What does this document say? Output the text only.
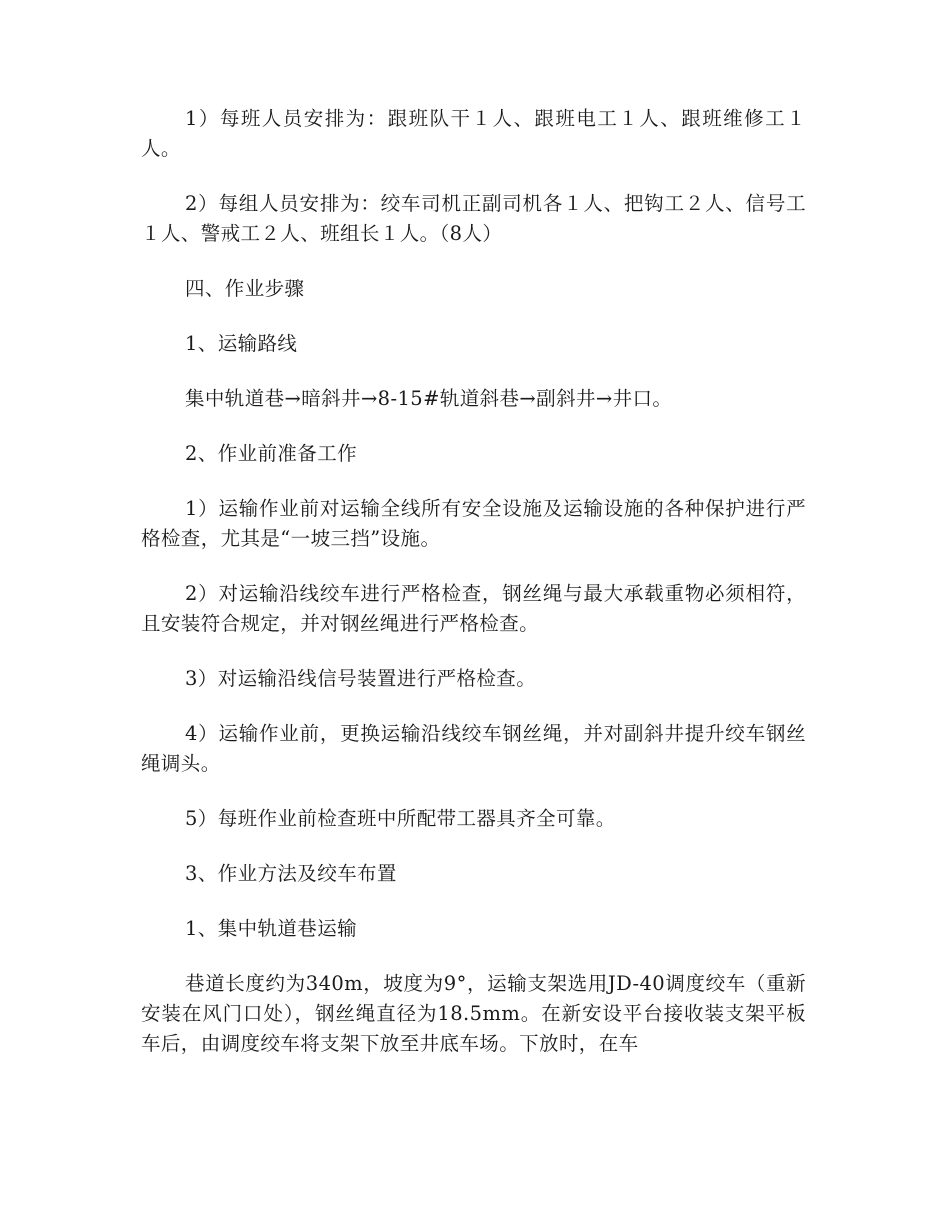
1）每班人员安排为：跟班队干１人、跟班电工１人、跟班维修工１人。

2）每组人员安排为：绞车司机正副司机各１人、把钩工２人、信号工１人、警戒工２人、班组长１人。（8人）

四、作业步骤

1、运输路线

集中轨道巷→暗斜井→8-15#轨道斜巷→副斜井→井口。

2、作业前准备工作

1）运输作业前对运输全线所有安全设施及运输设施的各种保护进行严格检查，尤其是“一坡三挡”设施。

2）对运输沿线绞车进行严格检查，钢丝绳与最大承载重物必须相符，且安装符合规定，并对钢丝绳进行严格检查。

3）对运输沿线信号装置进行严格检查。

4）运输作业前，更换运输沿线绞车钢丝绳，并对副斜井提升绞车钢丝绳调头。

5）每班作业前检查班中所配带工器具齐全可靠。

3、作业方法及绞车布置

1、集中轨道巷运输

巷道长度约为340m，坡度为9°，运输支架选用JD-40调度绞车（重新安装在风门口处），钢丝绳直径为18.5mm。在新安设平台接收装支架平板车后，由调度绞车将支架下放至井底车场。下放时，在车
